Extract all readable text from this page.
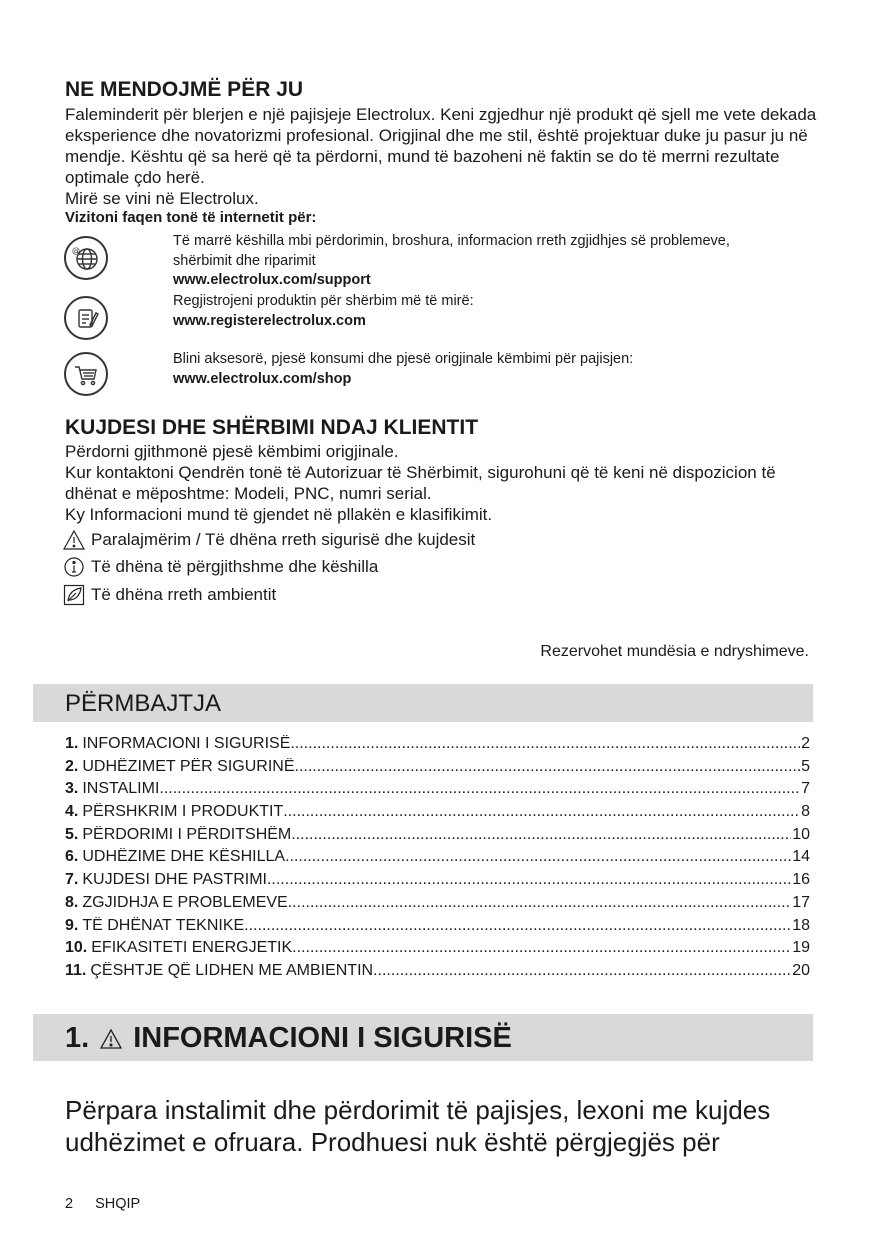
NE MENDOJMË PËR JU

Faleminderit për blerjen e një pajisjeje Electrolux. Keni zgjedhur një produkt që sjell me vete dekada eksperience dhe novatorizmi profesional. Origjinal dhe me stil, është projektuar duke ju pasur ju në mendje. Kështu që sa herë që ta përdorni, mund të bazoheni në faktin se do të merrni rezultate optimale çdo herë.

Mirë se vini në Electrolux.

Vizitoni faqen tonë të internetit për:

@
Të marrë këshilla mbi përdorimin, broshura, informacion rreth zgjidhjes së problemeve, shërbimit dhe riparimit
www.electrolux.com/support
Regjistrojeni produktin për shërbim më të mirë:
www.registerelectrolux.com
Blini aksesorë, pjesë konsumi dhe pjesë origjinale këmbimi për pajisjen:
www.electrolux.com/shop
KUJDESI DHE SHËRBIMI NDAJ KLIENTIT

Përdorni gjithmonë pjesë këmbimi origjinale.

Kur kontaktoni Qendrën tonë të Autorizuar të Shërbimit, sigurohuni që të keni në dispozicion të dhënat e mëposhtme: Modeli, PNC, numri serial.

Ky Informacioni mund të gjendet në pllakën e klasifikimit.

Paralajmërim / Të dhëna rreth sigurisë dhe kujdesit
Të dhëna të përgjithshme dhe këshilla
Të dhëna rreth ambientit
Rezervohet mundësia e ndryshimeve.
PËRMBAJTJA
1. INFORMACIONI I SIGURISË .....	2
2. UDHËZIMET PËR SIGURINË .....	5
3. INSTALIMI .....	7
4. PËRSHKRIM I PRODUKTIT .....	8
5. PËRDORIMI I PËRDITSHËM .....	10
6. UDHËZIME DHE KËSHILLA .....	14
7. KUJDESI DHE PASTRIMI .....	16
8. ZGJIDHJA E PROBLEMEVE .....	17
9. TË DHËNAT TEKNIKE .....	18
10. EFIKASITETI ENERGJETIK .....	19
11. ÇËSHTJE QË LIDHEN ME AMBIENTIN .....	20
1. INFORMACIONI I SIGURISË

Përpara instalimit dhe përdorimit të pajisjes, lexoni me kujdes udhëzimet e ofruara. Prodhuesi nuk është përgjegjës për

2 SHQIP
